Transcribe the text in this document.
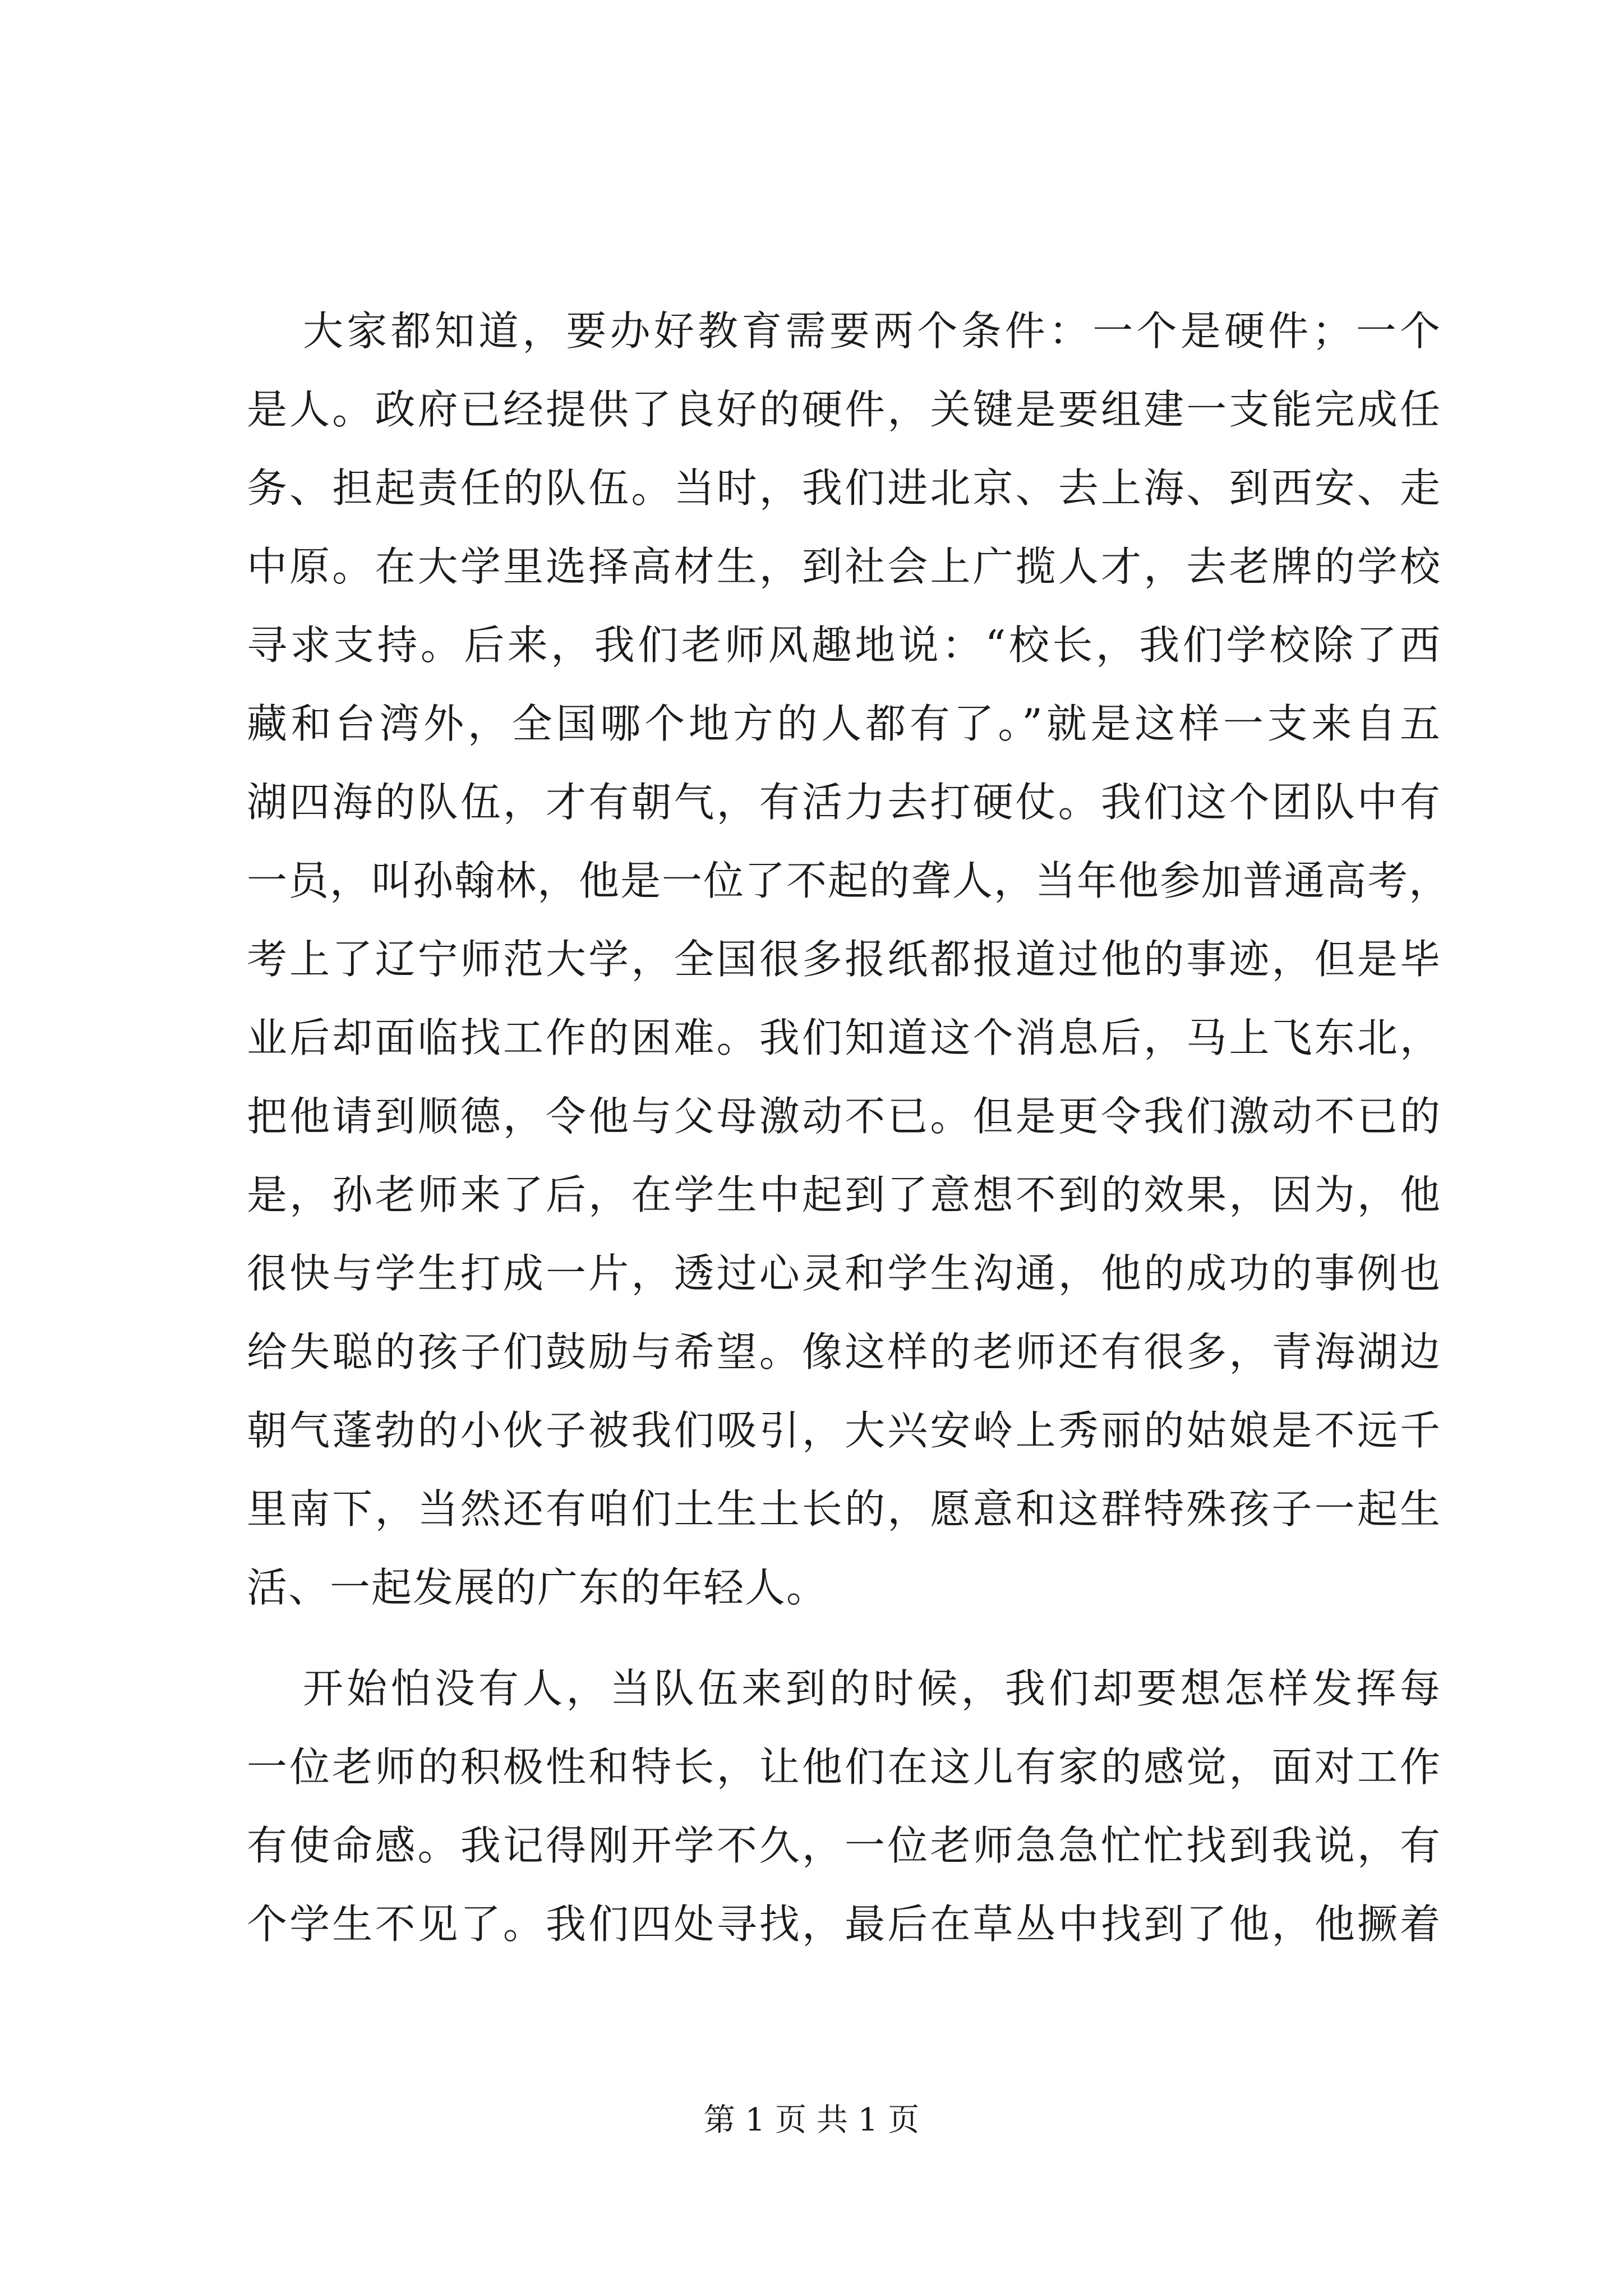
大家都知道，要办好教育需要两个条件：一个是硬件；一个
是人。政府已经提供了良好的硬件，关键是要组建一支能完成任
务、担起责任的队伍。当时，我们进北京、去上海、到西安、走
中原。在大学里选择高材生，到社会上广揽人才，去老牌的学校
寻求支持。后来，我们老师风趣地说：“校长，我们学校除了西
藏和台湾外，全国哪个地方的人都有了。”就是这样一支来自五
湖四海的队伍，才有朝气，有活力去打硬仗。我们这个团队中有
一员，叫孙翰林，他是一位了不起的聋人，当年他参加普通高考，
考上了辽宁师范大学，全国很多报纸都报道过他的事迹，但是毕
业后却面临找工作的困难。我们知道这个消息后，马上飞东北，
把他请到顺德，令他与父母激动不已。但是更令我们激动不已的
是，孙老师来了后，在学生中起到了意想不到的效果，因为，他
很快与学生打成一片，透过心灵和学生沟通，他的成功的事例也
给失聪的孩子们鼓励与希望。像这样的老师还有很多，青海湖边
朝气蓬勃的小伙子被我们吸引，大兴安岭上秀丽的姑娘是不远千
里南下，当然还有咱们土生土长的，愿意和这群特殊孩子一起生
活、一起发展的广东的年轻人。
开始怕没有人，当队伍来到的时候，我们却要想怎样发挥每
一位老师的积极性和特长，让他们在这儿有家的感觉，面对工作
有使命感。我记得刚开学不久，一位老师急急忙忙找到我说，有
个学生不见了。我们四处寻找，最后在草丛中找到了他，他撅着
第 1 页 共 1 页
